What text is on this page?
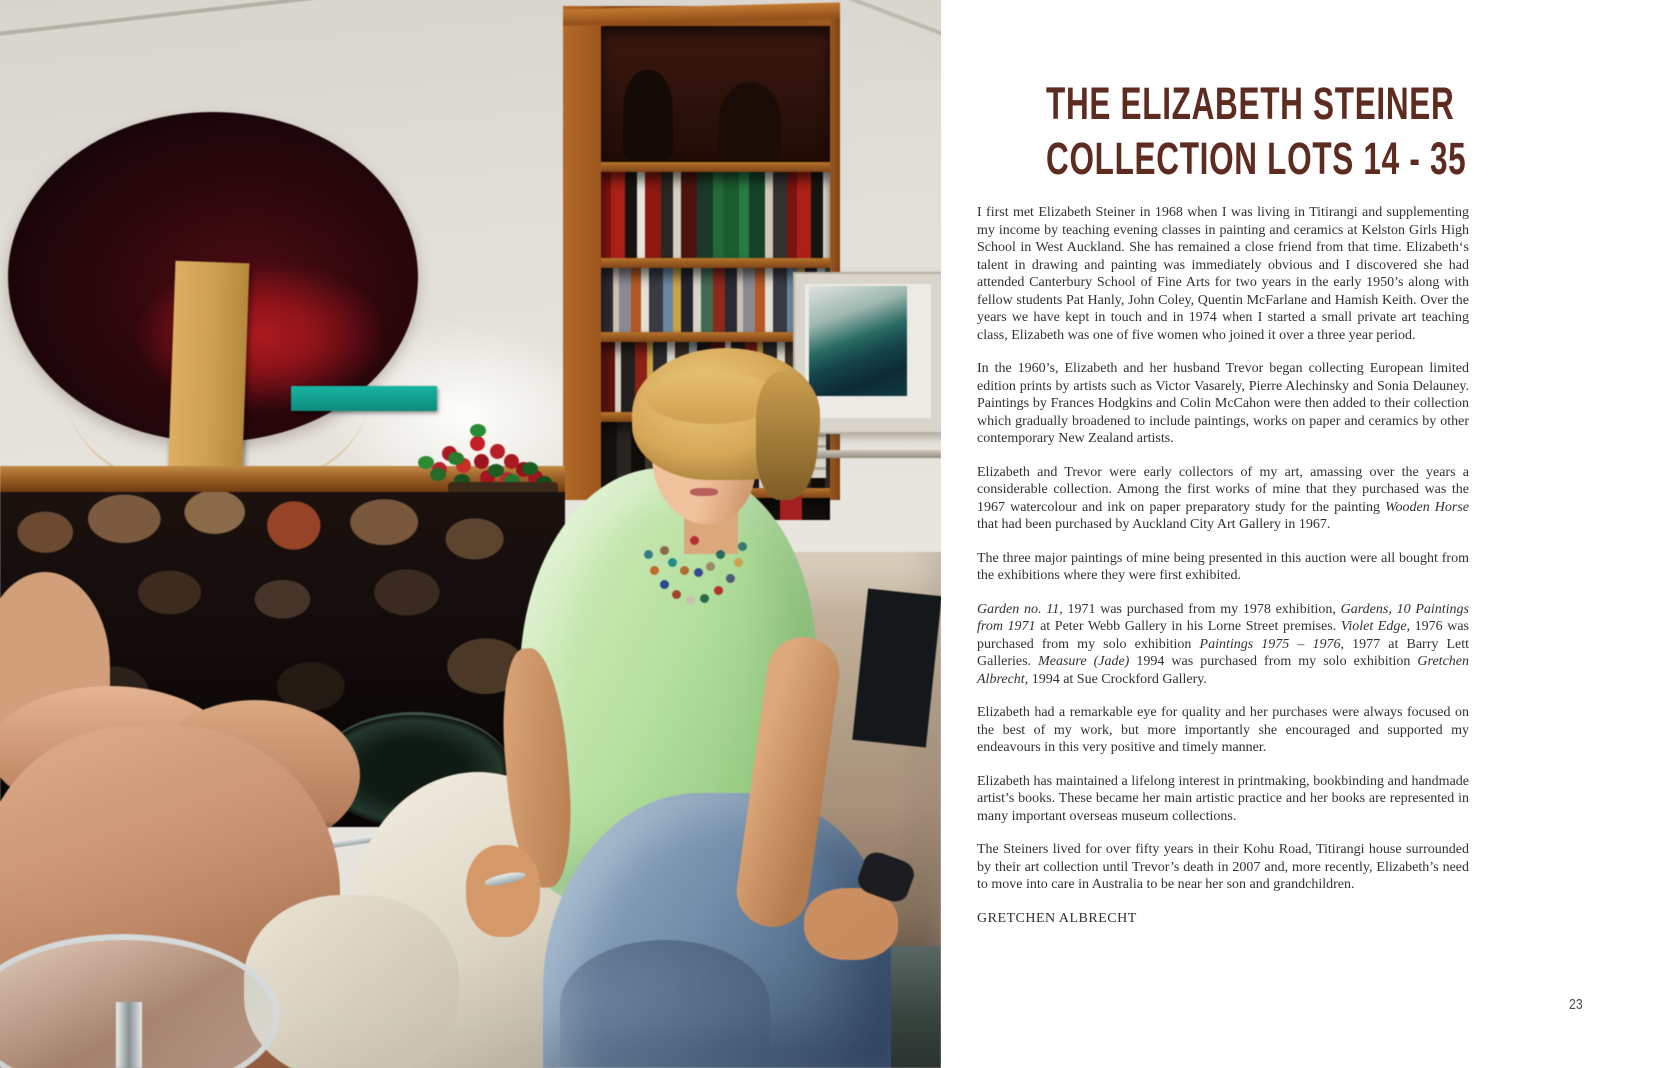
THE ELIZABETH STEINER
COLLECTION LOTS 14 - 35

I first met Elizabeth Steiner in 1968 when I was living in Titirangi and supplementing my income by teaching evening classes in painting and ceramics at Kelston Girls High School in West Auckland. She has remained a close friend from that time. Elizabeth‘s talent in drawing and painting was immediately obvious and I discovered she had attended Canterbury School of Fine Arts for two years in the early 1950’s along with fellow students Pat Hanly, John Coley, Quentin McFarlane and Hamish Keith. Over the years we have kept in touch and in 1974 when I started a small private art teaching class, Elizabeth was one of five women who joined it over a three year period.

In the 1960’s, Elizabeth and her husband Trevor began collecting European limited edition prints by artists such as Victor Vasarely, Pierre Alechinsky and Sonia Delauney. Paintings by Frances Hodgkins and Colin McCahon were then added to their collection which gradually broadened to include paintings, works on paper and ceramics by other contemporary New Zealand artists.

Elizabeth and Trevor were early collectors of my art, amassing over the years a considerable collection. Among the first works of mine that they purchased was the 1967 watercolour and ink on paper preparatory study for the painting Wooden Horse that had been purchased by Auckland City Art Gallery in 1967.

The three major paintings of mine being presented in this auction were all bought from the exhibitions where they were first exhibited.

Garden no. 11, 1971 was purchased from my 1978 exhibition, Gardens, 10 Paintings from 1971 at Peter Webb Gallery in his Lorne Street premises. Violet Edge, 1976 was purchased from my solo exhibition Paintings 1975 – 1976, 1977 at Barry Lett Galleries. Measure (Jade) 1994 was purchased from my solo exhibition Gretchen Albrecht, 1994 at Sue Crockford Gallery.

Elizabeth had a remarkable eye for quality and her purchases were always focused on the best of my work, but more importantly she encouraged and supported my endeavours in this very positive and timely manner.

Elizabeth has maintained a lifelong interest in printmaking, bookbinding and handmade artist’s books. These became her main artistic practice and her books are represented in many important overseas museum collections.

The Steiners lived for over fifty years in their Kohu Road, Titirangi house surrounded by their art collection until Trevor’s death in 2007 and, more recently, Elizabeth’s need to move into care in Australia to be near her son and grandchildren.

GRETCHEN ALBRECHT

23
